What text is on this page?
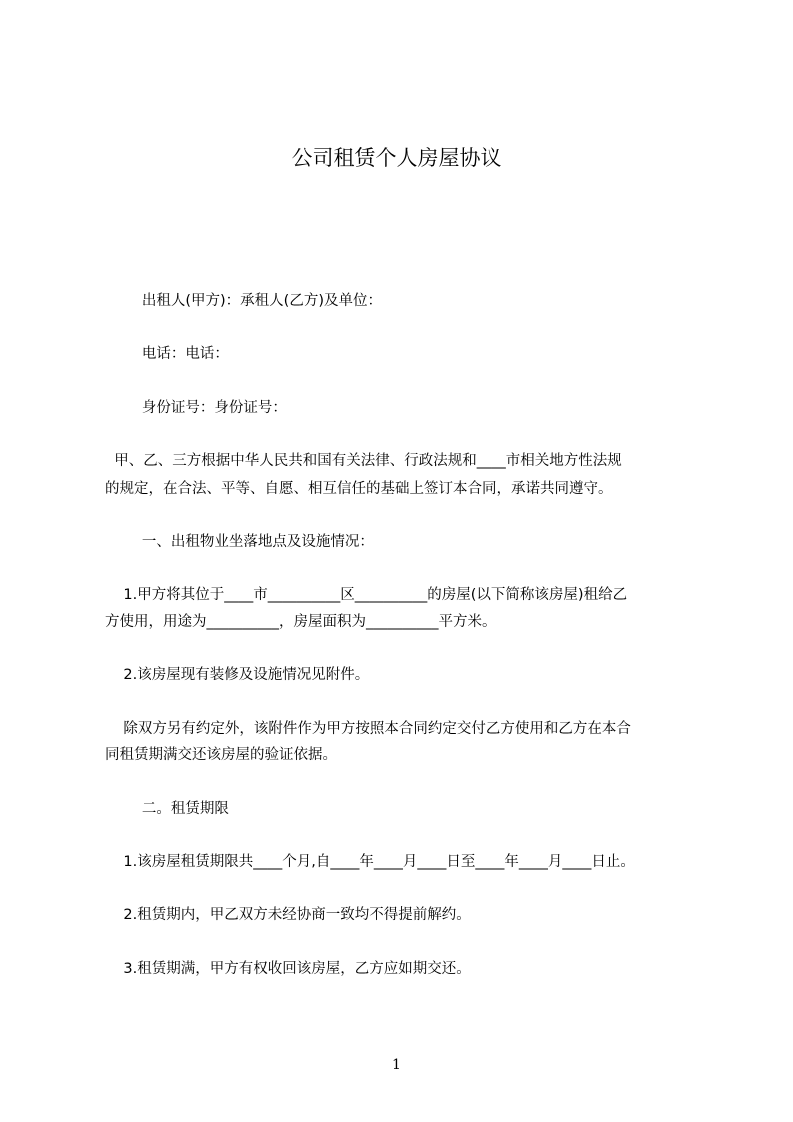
公司租赁个人房屋协议
出租人(甲方)：承租人(乙方)及单位：
电话：电话：
身份证号：身份证号：
甲、乙、三方根据中华人民共和国有关法律、行政法规和____市相关地方性法规
的规定，在合法、平等、自愿、相互信任的基础上签订本合同，承诺共同遵守。
一、出租物业坐落地点及设施情况：
1.甲方将其位于____市__________区__________的房屋(以下简称该房屋)租给乙
方使用，用途为__________，房屋面积为__________平方米。
2.该房屋现有装修及设施情况见附件。
除双方另有约定外，该附件作为甲方按照本合同约定交付乙方使用和乙方在本合
同租赁期满交还该房屋的验证依据。
二。租赁期限
1.该房屋租赁期限共____个月,自____年____月____日至____年____月____日止。
2.租赁期内，甲乙双方未经协商一致均不得提前解约。
3.租赁期满，甲方有权收回该房屋，乙方应如期交还。
1
